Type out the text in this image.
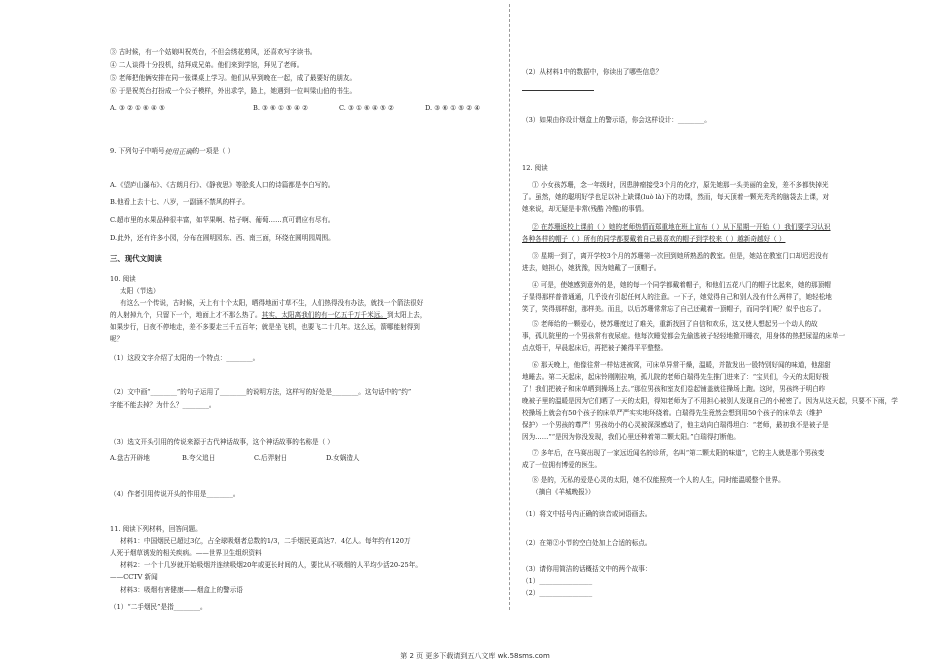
③ 古时候，有一个姑娘叫祝英台，不但会绣花剪风，还喜欢写字读书。
④ 二人谈得十分投机，结拜成兄弟。他们来到学馆，拜见了老师。
⑤ 老师把他俩安排在同一张课桌上学习。他们从早到晚在一起，成了最要好的朋友。
⑥ 于是祝英台打扮成一个公子模样，外出求学，路上，她遇到一位叫梁山伯的书生。
A. ③ ② ① ⑥ ④ ⑤	B. ③ ⑥ ① ⑤ ④ ②	C. ③ ① ⑥ ④ ⑤ ②	D. ③ ⑥ ① ⑤ ② ④
9. 下列句子中哨号使用正确的一项是（ ）
A.《望庐山瀑布》、《古朗月行》、《静夜思》等脍炙人口的诗篇都是李白写的。
B.他看上去十七、八岁，一副涵不禁风的样子。
C.超市里的水果品种很丰富，如苹果啊、桔子啊、葡萄……真可谓应有尽有。
D.此外，还有许多小园，分布在圆明园东、西、南三面，环绕在圆明园周围。
三、现代文阅读
10. 阅读
太阳（节选）
有这么一个传说，古时候，天上有十个太阳，晒得地面寸草不生，人们热得没有办法，就找一个箭法很好
的人射掉九个，只留下一个，地面上才不那么热了。其实，太阳离我们的有一亿五千万千米远。到太阳上去，
如果步行，日夜不停地走，差不多要走三千五百年；就是坐飞机，也要飞二十几年。这么远，箭哪能射得到
呢？
（1）这段文字介绍了太阳的一个特点：________。
（2）文中画“________”的句子运用了________的说明方法，这样写的好处是________。这句话中的“约”
字能不能去掉？为什么？________。
（3）选文开头引用的传说来源于古代神话故事，这个神话故事的名称是（ ）
A.盘古开辟地	B.夸父追日	C.后羿射日	D.女娲造人
（4）作者引用传说开头的作用是________。
11. 阅读下列材料，回答问题。
材料1：中国烟民已超过3亿，占全球吸烟者总数的1/3，二手烟民更高达7．4亿人。每年约有120万
人死于烟草诱发的相关疾病。——世界卫生组织资料
材料2：一个十几岁就开始吸烟并连续吸烟20年或更长时间的人，要比从不吸烟的人平均少活20-25年。
——CCTV 新闻
材料3：吸烟有害健康——烟盒上的警示语
（1）“二手烟民”是指________。
（2）从材料1中的数据中，你读出了哪些信息？
（3）如果由你设计烟盒上的警示语，你会这样设计：________。
12. 阅读
① 小女孩苏珊，念一年级时，因患肿瘤接受3个月的化疗，原先她那一头美丽的金发，差不多都快掉光
了。虽然，她的聪明好学也足以补上缺课(luò là)下的功课，然而，每天顶着一颗光秃秃的脑袋去上课，对
她来说，却无疑是非常(残酷 冷酷)的事情。
② 在苏珊返校上课前（ ）她的老师热情而郑重地在班上宣布（ ）从下星期一开始（ ）我们要学习认识
各种各样的帽子（ ）所有的同学都要戴着自己最喜欢的帽子到学校来（ ）越新奇越好（ ）
③ 星期一到了，离开学校3个月的苏珊第一次回到她所熟悉的教室。但是，她站在教室门口却迟迟没有
进去，她担心，她犹豫，因为她戴了一顶帽子。
④ 可是，使她感到意外的是，她的每一个同学都戴着帽子，和他们五花八门的帽子比起来，她的那顶帽
子显得那样普普通通，几乎没有引起任何人的注意。一下子，她觉得自己和别人没有什么两样了，她轻松地
笑了，笑得那样甜，那样美。而且，以后苏珊常常忘了自己还戴着一顶帽子，而同学们呢？似乎也忘了。
⑤ 老师给的一颗爱心，使苏珊度过了难关，重新找回了自信和欢乐，这又使人想起另一个动人的故
事，孤儿院里的一个男孩常有夜尿症。他每次睡觉都会先偷逃被子轻轻地掀开睡衣，用身体的热把尿湿的床单一
点点焐干，早晨起床后，再把被子摊得平平整整。
⑥ 那天晚上，他像往常一样钻进被窝，可床单异常干燥，温暖，并散发出一股特别好闻的味道，他甜甜
地睡去。第二天起床，起床铃刚刚拉响，孤儿院的老师白瑞得先生推门进来了：“宝贝们，今天的太阳好极
了！我们把被子和床单晒到操场上去。”那位男孩和室友们卷起铺盖就往操场上跑。这时，男孩终于明白昨
晚被子里的温暖是因为它们晒了一天的太阳，得知老师为了不用担心被别人发现自己的小秘密了。因为从这天起，只要不下雨，学
校操场上就会有50个孩子的床单严严实实地环绕着。白瑞得先生竟然会想到用50个孩子的床单去（维护
保护）一个男孩的尊严！男孩幼小的心灵被深深感动了，他主动向白瑞得坦白：“老师，最初我不是被子是
因为……”“是因为你没发现，我们心里还种着第二颗太阳。”白瑞得打断他。
⑦ 多年后，在马赛出现了一家远近闻名的诊所，名叫“第二颗太阳的味道”，它的主人就是那个男孩变
成了一位拥有博爱的医生。
⑧ 是的，无私的爱是心灵的太阳，她不仅能照亮一个人的人生，同时能温暖整个世界。
（摘自《羊城晚报》）
（1）将文中括号内正确的读音或词语画去。
（2）在第②小节的空白处加上合适的标点。
（3）请你用简洁的话概括文中的两个故事：
（1）________________
（2）________________
第 2 页 更多下载请到五八文库 wk.58sms.com
